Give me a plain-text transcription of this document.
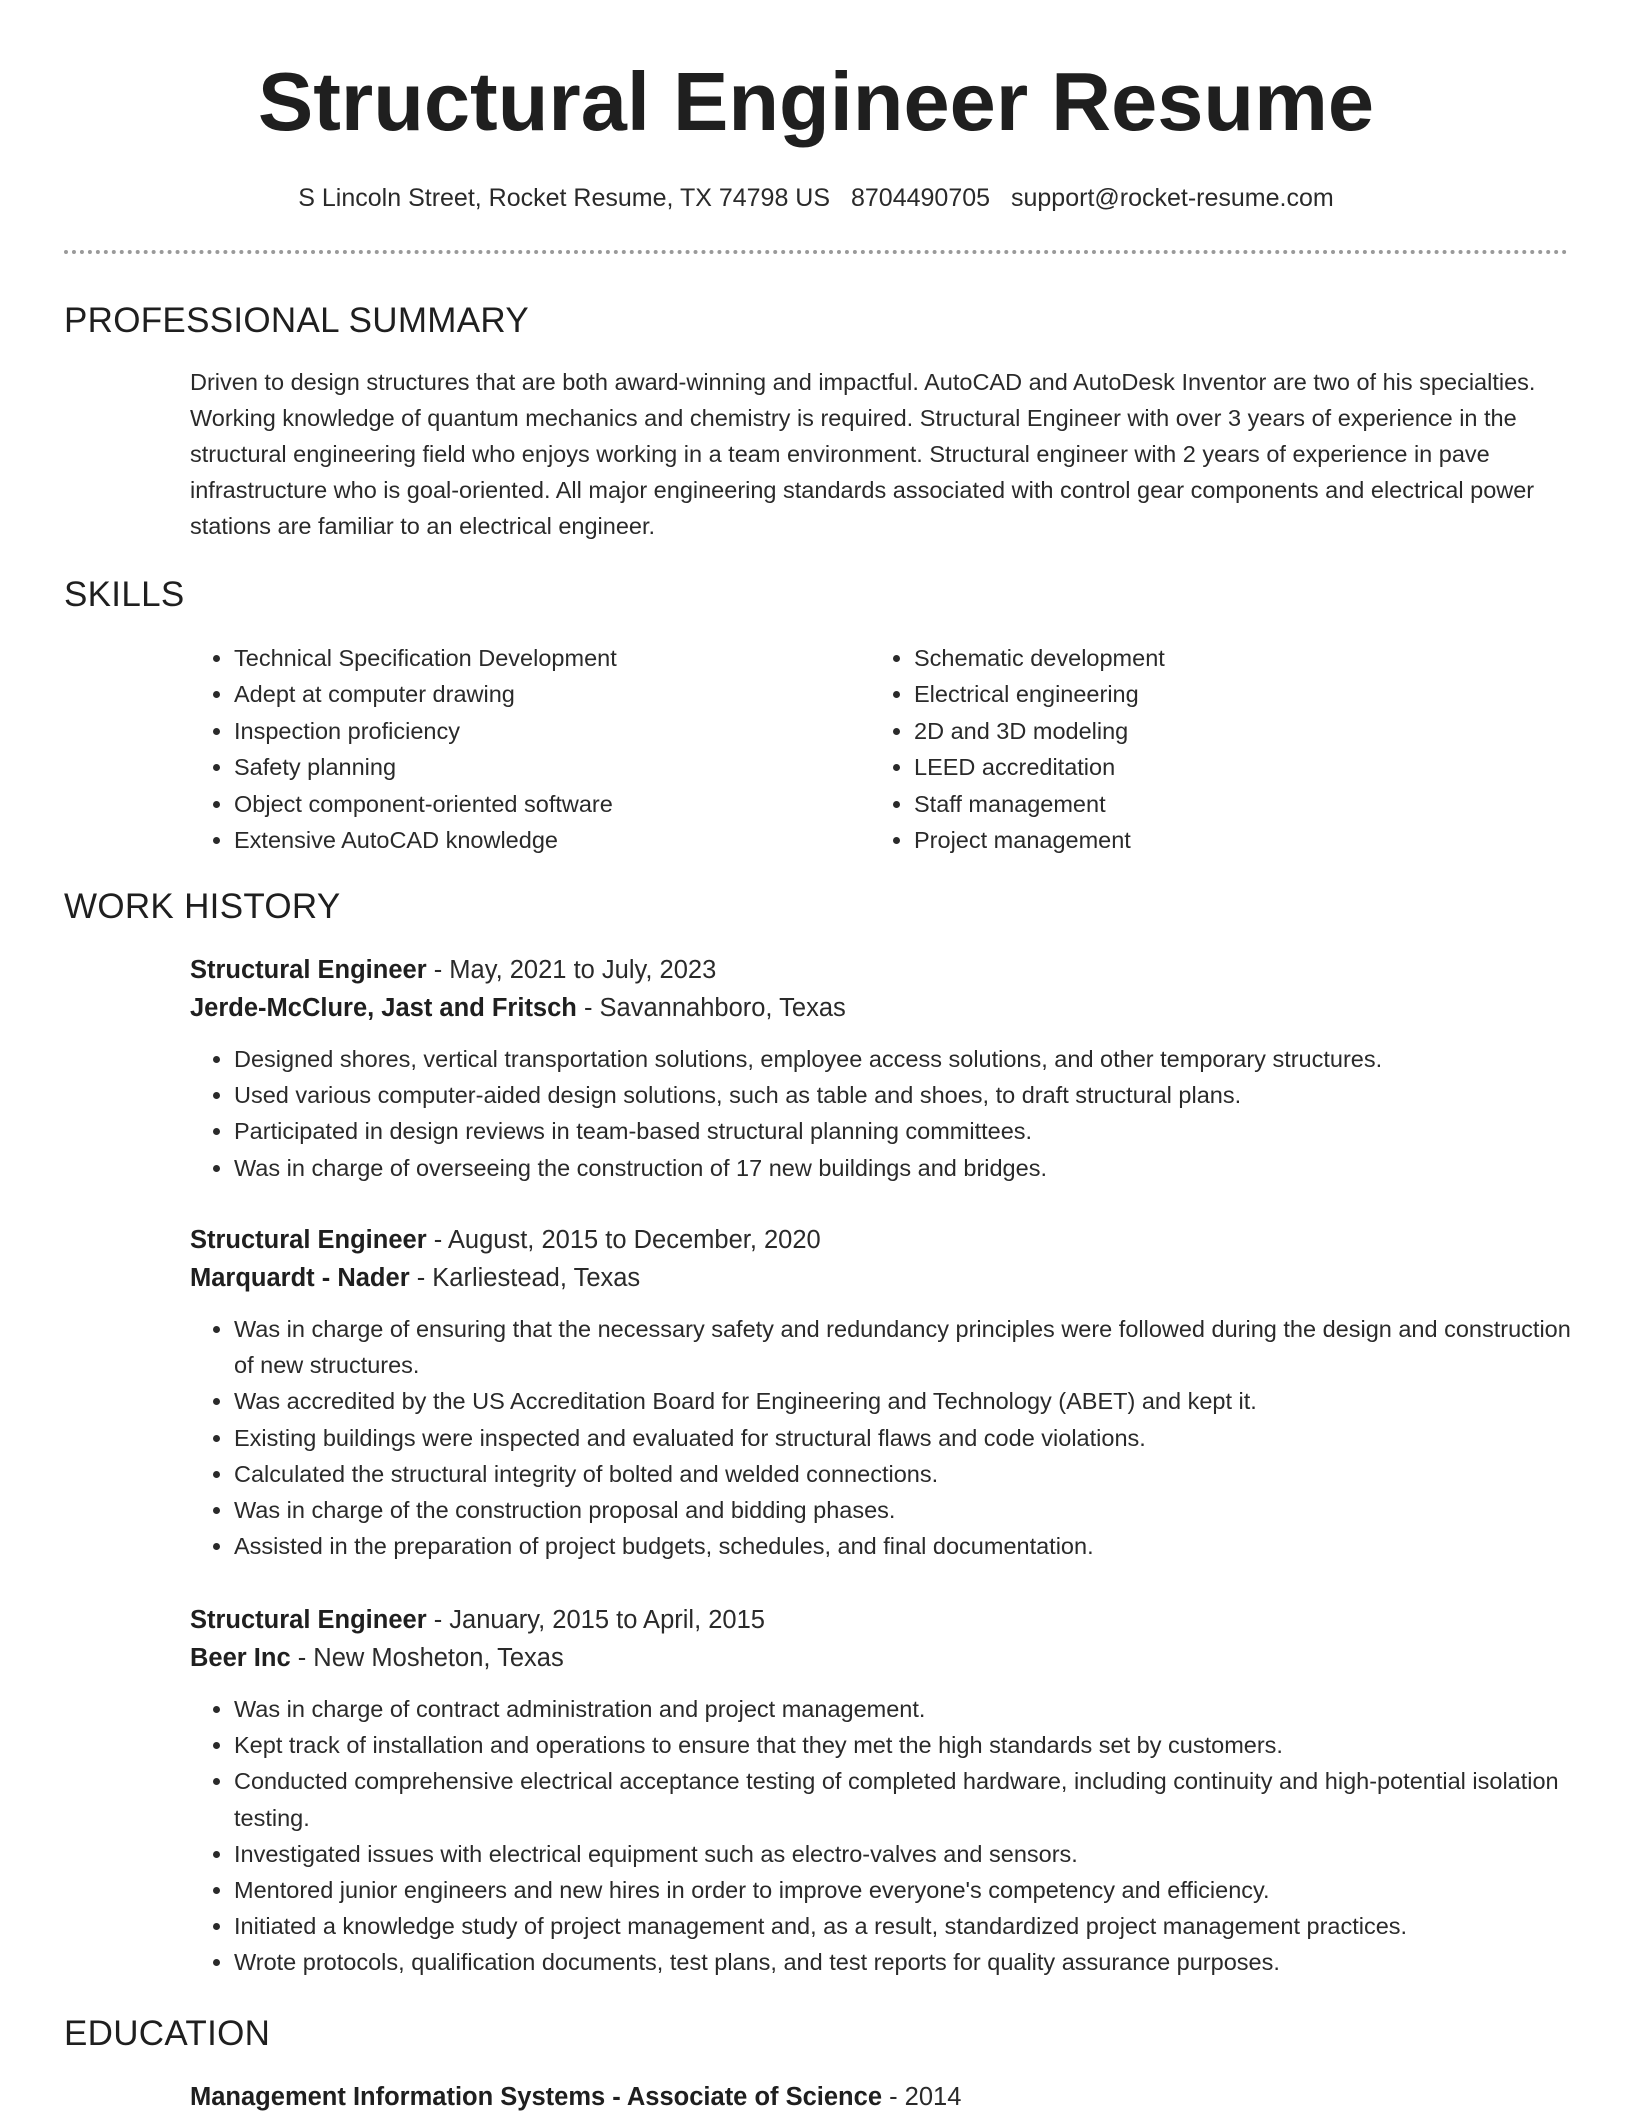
Structural Engineer Resume
S Lincoln Street, Rocket Resume, TX 74798 US 8704490705 support@rocket-resume.com
PROFESSIONAL SUMMARY

Driven to design structures that are both award-winning and impactful. AutoCAD and AutoDesk Inventor are two of his specialties. Working knowledge of quantum mechanics and chemistry is required. Structural Engineer with over 3 years of experience in the structural engineering field who enjoys working in a team environment. Structural engineer with 2 years of experience in pave infrastructure who is goal-oriented. All major engineering standards associated with control gear components and electrical power stations are familiar to an electrical engineer.

SKILLS
• Technical Specification Development
• Adept at computer drawing
• Inspection proficiency
• Safety planning
• Object component-oriented software
• Extensive AutoCAD knowledge
• Schematic development
• Electrical engineering
• 2D and 3D modeling
• LEED accreditation
• Staff management
• Project management
WORK HISTORY
Structural Engineer - May, 2021 to July, 2023
Jerde-McClure, Jast and Fritsch - Savannahboro, Texas
• Designed shores, vertical transportation solutions, employee access solutions, and other temporary structures.
• Used various computer-aided design solutions, such as table and shoes, to draft structural plans.
• Participated in design reviews in team-based structural planning committees.
• Was in charge of overseeing the construction of 17 new buildings and bridges.
Structural Engineer - August, 2015 to December, 2020
Marquardt - Nader - Karliestead, Texas
• Was in charge of ensuring that the necessary safety and redundancy principles were followed during the design and construction of new structures.
• Was accredited by the US Accreditation Board for Engineering and Technology (ABET) and kept it.
• Existing buildings were inspected and evaluated for structural flaws and code violations.
• Calculated the structural integrity of bolted and welded connections.
• Was in charge of the construction proposal and bidding phases.
• Assisted in the preparation of project budgets, schedules, and final documentation.
Structural Engineer - January, 2015 to April, 2015
Beer Inc - New Mosheton, Texas
• Was in charge of contract administration and project management.
• Kept track of installation and operations to ensure that they met the high standards set by customers.
• Conducted comprehensive electrical acceptance testing of completed hardware, including continuity and high-potential isolation testing.
• Investigated issues with electrical equipment such as electro-valves and sensors.
• Mentored junior engineers and new hires in order to improve everyone's competency and efficiency.
• Initiated a knowledge study of project management and, as a result, standardized project management practices.
• Wrote protocols, qualification documents, test plans, and test reports for quality assurance purposes.
EDUCATION
Management Information Systems - Associate of Science - 2014
